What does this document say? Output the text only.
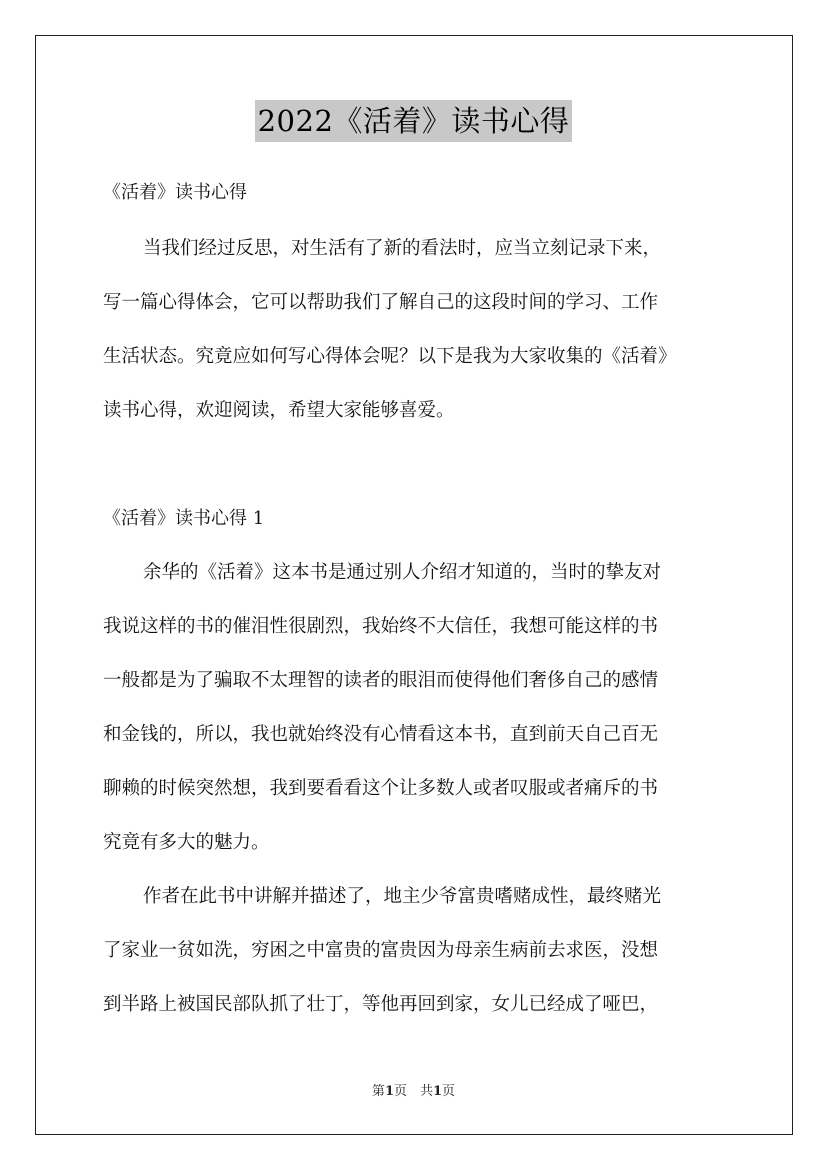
2022《活着》读书心得
《活着》读书心得
当我们经过反思，对生活有了新的看法时，应当立刻记录下来，
写一篇心得体会，它可以帮助我们了解自己的这段时间的学习、工作
生活状态。究竟应如何写心得体会呢？以下是我为大家收集的《活着》
读书心得，欢迎阅读，希望大家能够喜爱。
《活着》读书心得 1
余华的《活着》这本书是通过别人介绍才知道的，当时的挚友对
我说这样的书的催泪性很剧烈，我始终不大信任，我想可能这样的书
一般都是为了骗取不太理智的读者的眼泪而使得他们奢侈自己的感情
和金钱的，所以，我也就始终没有心情看这本书，直到前天自己百无
聊赖的时候突然想，我到要看看这个让多数人或者叹服或者痛斥的书
究竟有多大的魅力。
作者在此书中讲解并描述了，地主少爷富贵嗜赌成性，最终赌光
了家业一贫如洗，穷困之中富贵的富贵因为母亲生病前去求医，没想
到半路上被国民部队抓了壮丁，等他再回到家，女儿已经成了哑巴，
第1页　共1页
